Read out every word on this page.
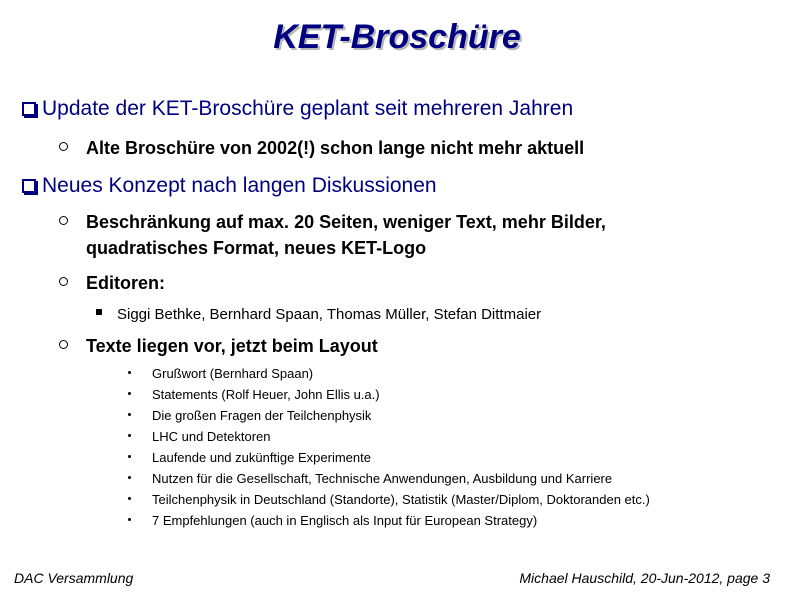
KET-Broschüre
Update der KET-Broschüre geplant seit mehreren Jahren
Alte Broschüre von 2002(!) schon lange nicht mehr aktuell
Neues Konzept nach langen Diskussionen
Beschränkung auf max. 20 Seiten, weniger Text, mehr Bilder,
quadratisches Format, neues KET-Logo
Editoren:
Siggi Bethke, Bernhard Spaan, Thomas Müller, Stefan Dittmaier
Texte liegen vor, jetzt beim Layout
Grußwort (Bernhard Spaan)
Statements (Rolf Heuer, John Ellis u.a.)
Die großen Fragen der Teilchenphysik
LHC und Detektoren
Laufende und zukünftige Experimente
Nutzen für die Gesellschaft, Technische Anwendungen, Ausbildung und Karriere
Teilchenphysik in Deutschland (Standorte), Statistik (Master/Diplom, Doktoranden etc.)
7 Empfehlungen (auch in Englisch als Input für European Strategy)
DAC Versammlung	Michael Hauschild, 20-Jun-2012, page 3
